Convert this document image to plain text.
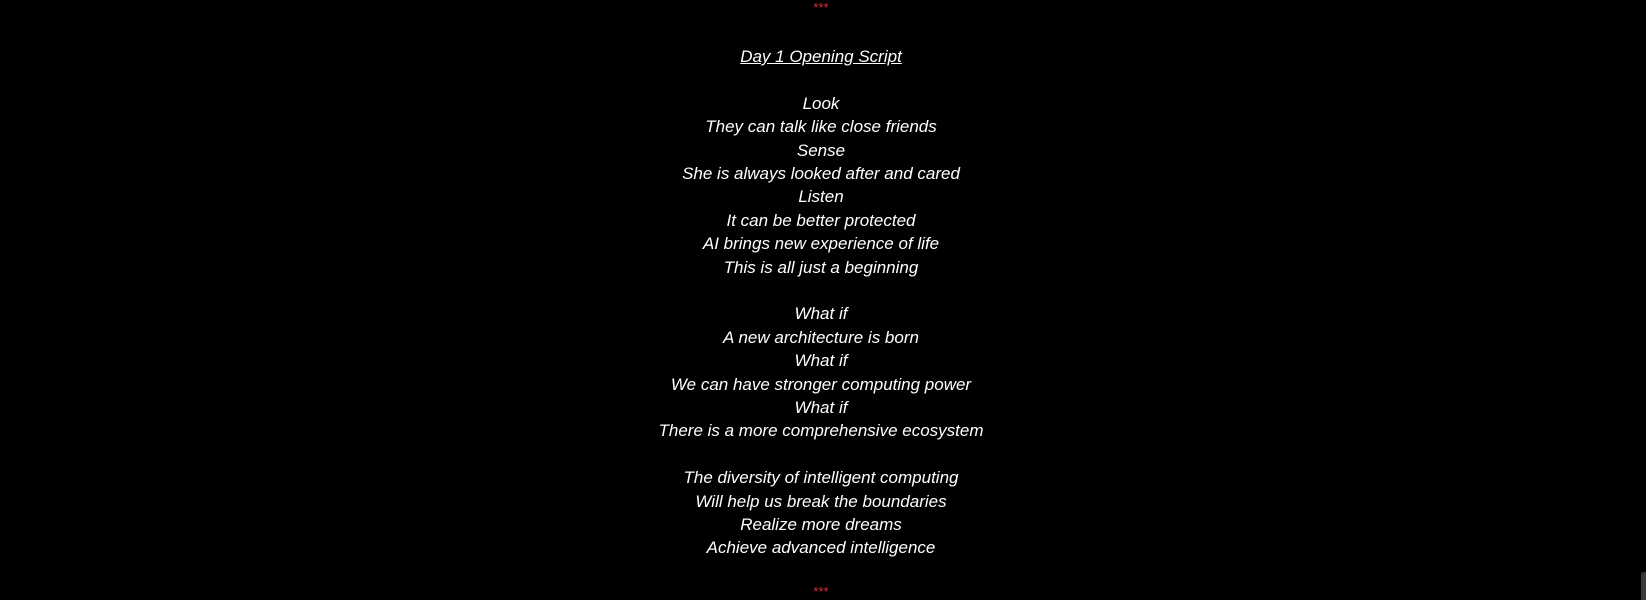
***
Day 1 Opening Script
Look
They can talk like close friends
Sense
She is always looked after and cared
Listen
It can be better protected
AI brings new experience of life
This is all just a beginning
What if
A new architecture is born
What if
We can have stronger computing power
What if
There is a more comprehensive ecosystem
The diversity of intelligent computing
Will help us break the boundaries
Realize more dreams
Achieve advanced intelligence
***
